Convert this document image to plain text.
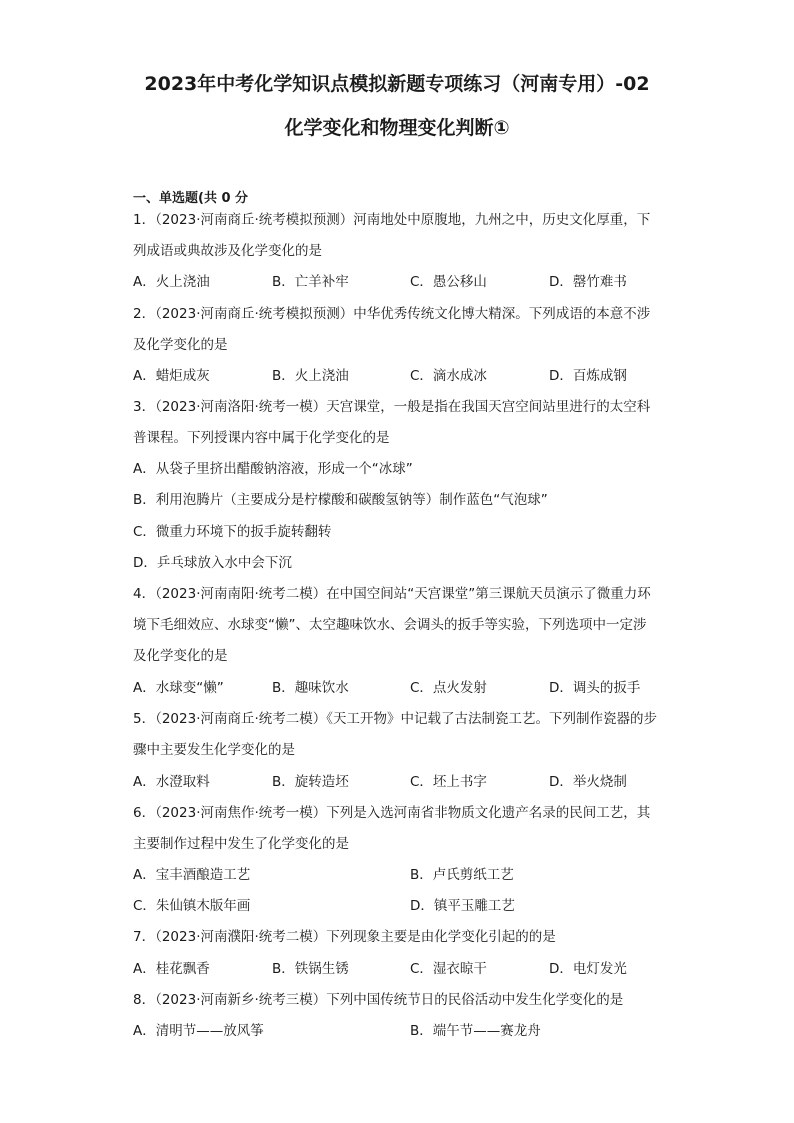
2023年中考化学知识点模拟新题专项练习（河南专用）-02
化学变化和物理变化判断①
一、单选题(共 0 分
1．（2023·河南商丘·统考模拟预测）河南地处中原腹地，九州之中，历史文化厚重，下
列成语或典故涉及化学变化的是
A．火上浇油	B．亡羊补牢	C．愚公移山	D．罄竹难书
2．（2023·河南商丘·统考模拟预测）中华优秀传统文化博大精深。下列成语的本意不涉
及化学变化的是
A．蜡炬成灰	B．火上浇油	C．滴水成冰	D．百炼成钢
3．（2023·河南洛阳·统考一模）天宫课堂，一般是指在我国天宫空间站里进行的太空科
普课程。下列授课内容中属于化学变化的是
A．从袋子里挤出醋酸钠溶液，形成一个“冰球”
B．利用泡腾片（主要成分是柠檬酸和碳酸氢钠等）制作蓝色“气泡球”
C．微重力环境下的扳手旋转翻转
D．乒乓球放入水中会下沉
4．（2023·河南南阳·统考二模）在中国空间站“天宫课堂”第三课航天员演示了微重力环
境下毛细效应、水球变“懒”、太空趣味饮水、会调头的扳手等实验，下列选项中一定涉
及化学变化的是
A．水球变“懒”	B．趣味饮水	C．点火发射	D．调头的扳手
5．（2023·河南商丘·统考二模）《天工开物》中记载了古法制瓷工艺。下列制作瓷器的步
骤中主要发生化学变化的是
A．水澄取料	B．旋转造坯	C．坯上书字	D．举火烧制
6．（2023·河南焦作·统考一模）下列是入选河南省非物质文化遗产名录的民间工艺，其
主要制作过程中发生了化学变化的是
A．宝丰酒酿造工艺	B．卢氏剪纸工艺
C．朱仙镇木版年画	D．镇平玉雕工艺
7．（2023·河南濮阳·统考二模）下列现象主要是由化学变化引起的的是
A．桂花飘香	B．铁锅生锈	C．湿衣晾干	D．电灯发光
8．（2023·河南新乡·统考三模）下列中国传统节日的民俗活动中发生化学变化的是
A．清明节——放风筝	B．端午节——赛龙舟
